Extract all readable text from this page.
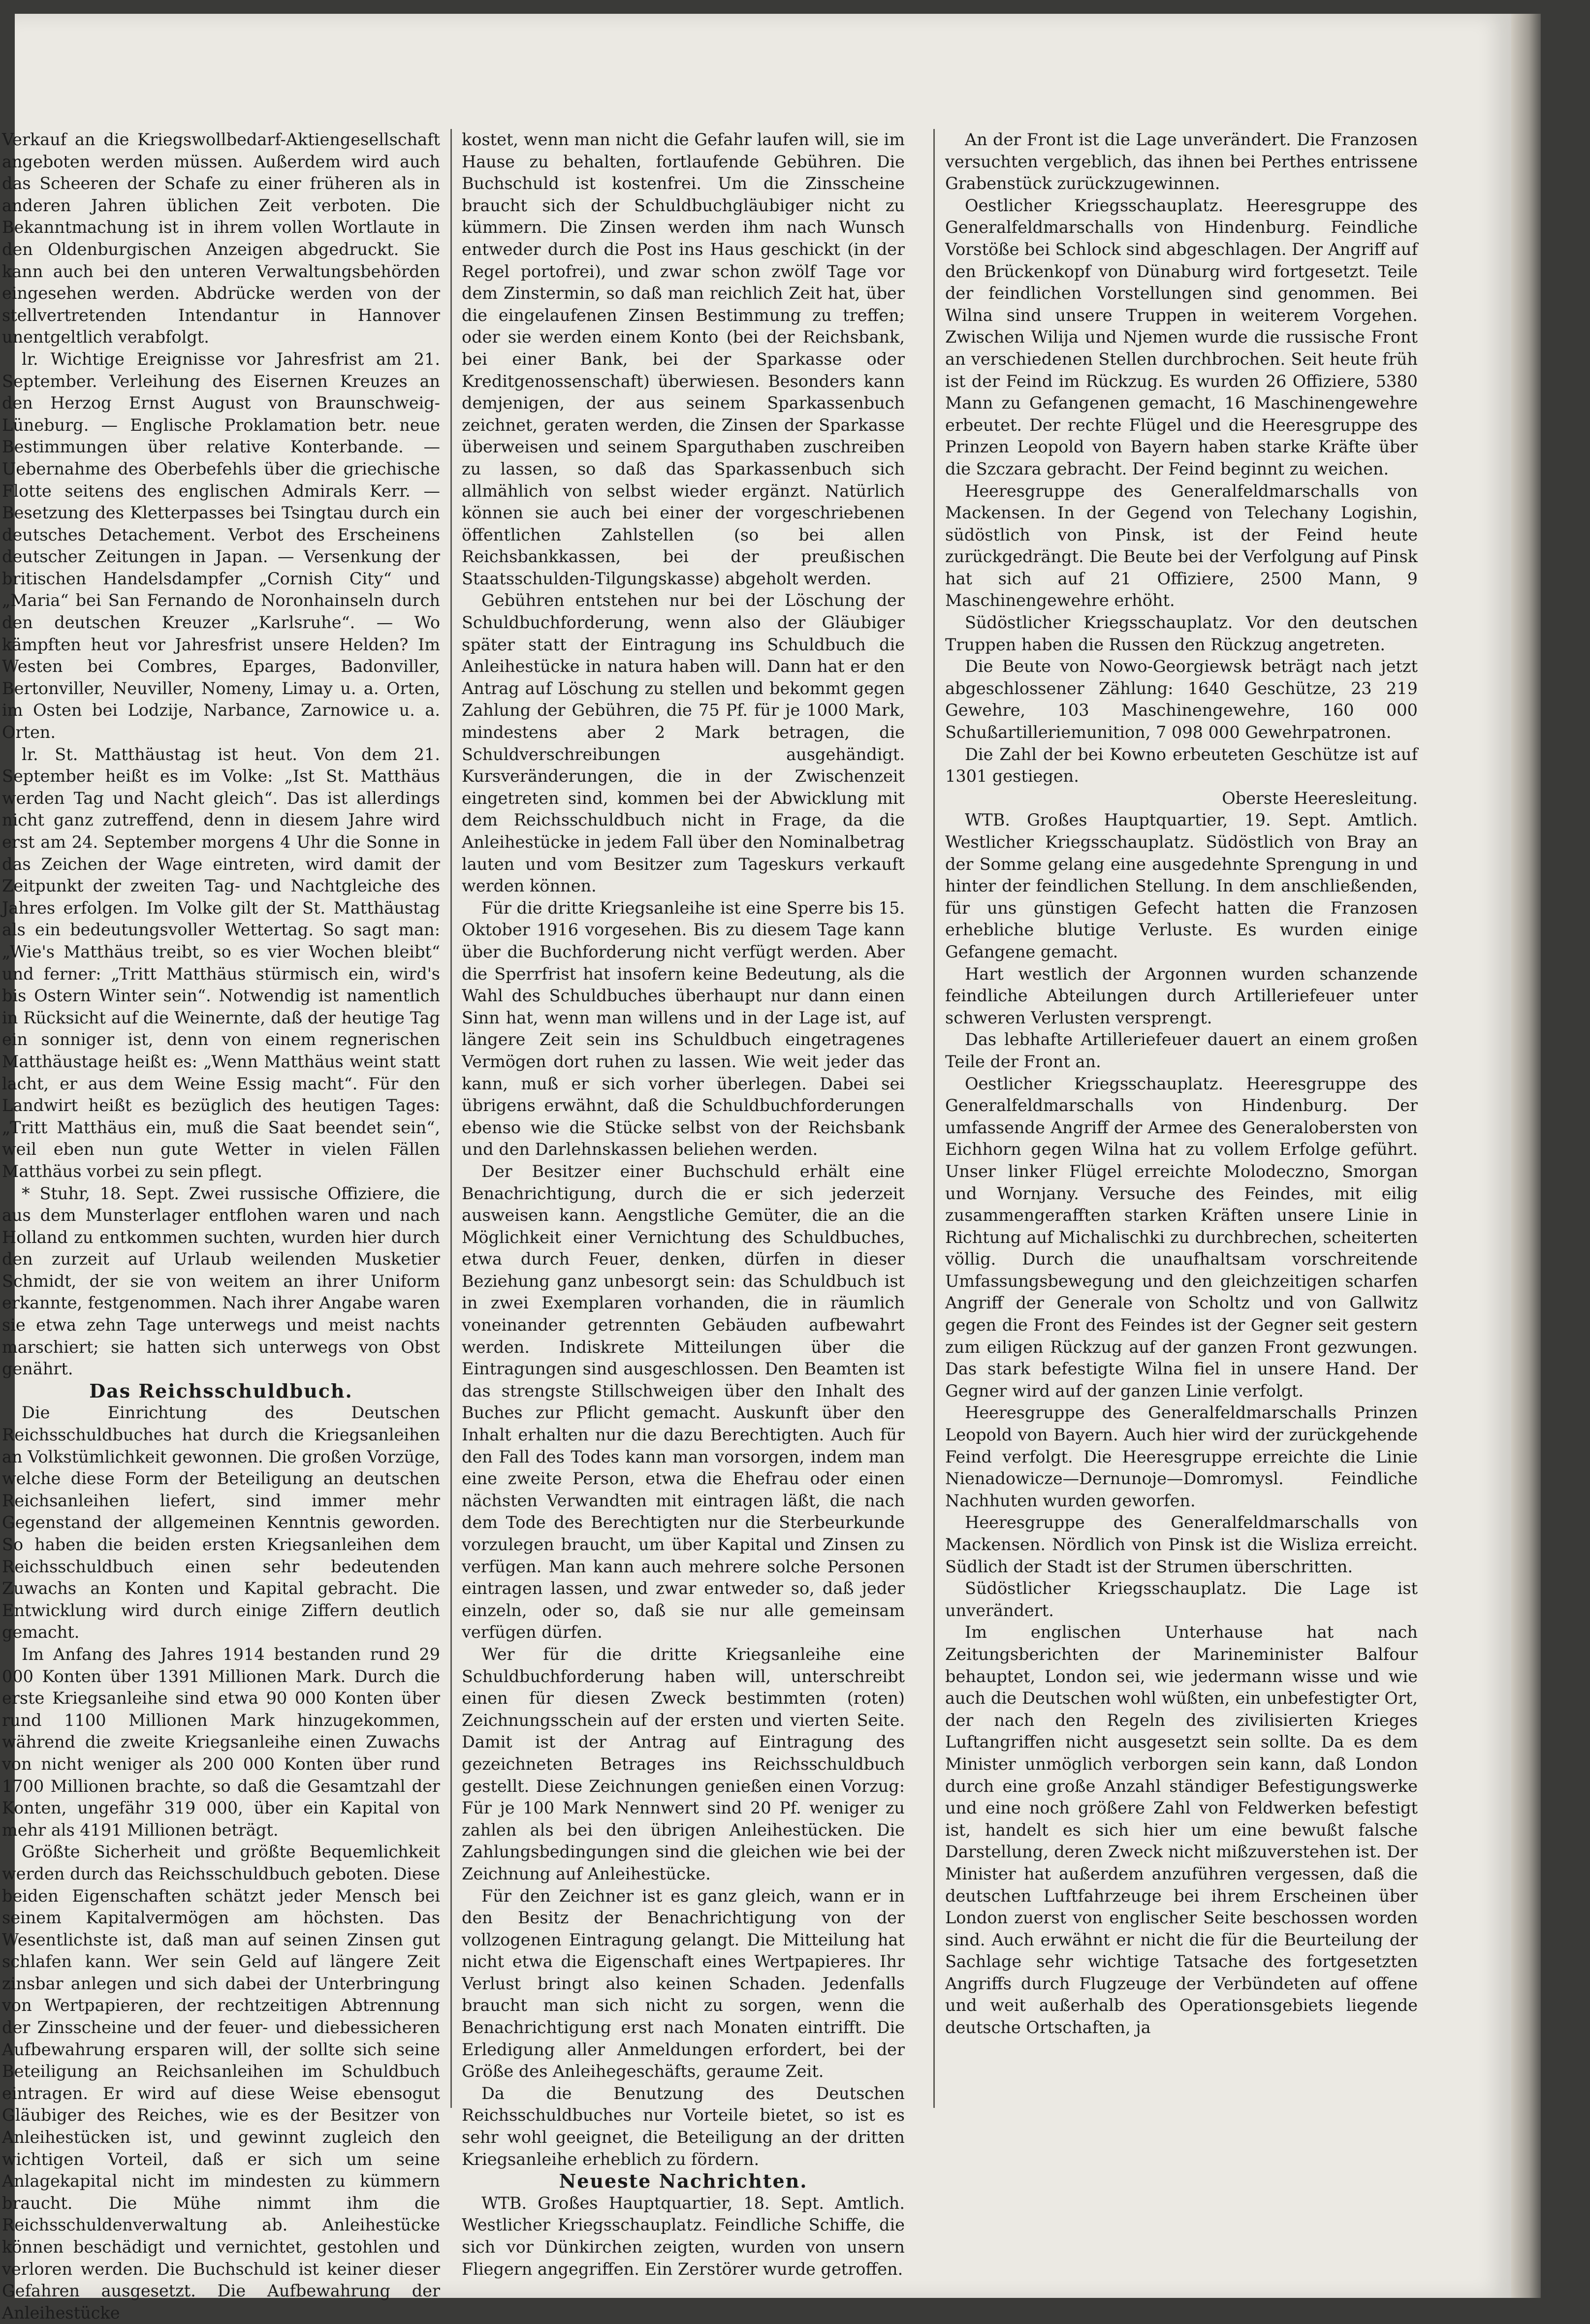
Verkauf an die Kriegswollbedarf-Aktiengesellschaft angeboten werden müssen. Außerdem wird auch das Scheeren der Schafe zu einer früheren als in anderen Jahren üblichen Zeit verboten. Die Bekanntmachung ist in ihrem vollen Wortlaute in den Oldenburgischen Anzeigen abgedruckt. Sie kann auch bei den unteren Verwaltungsbehörden eingesehen werden. Abdrücke werden von der stellvertretenden Intendantur in Hannover unentgeltlich verabfolgt.

lr. Wichtige Ereignisse vor Jahresfrist am 21. September. Verleihung des Eisernen Kreuzes an den Herzog Ernst August von Braunschweig-Lüneburg. — Englische Proklamation betr. neue Bestimmungen über relative Konterbande. — Uebernahme des Oberbefehls über die griechische Flotte seitens des englischen Admirals Kerr. — Besetzung des Kletterpasses bei Tsingtau durch ein deutsches Detachement. Verbot des Erscheinens deutscher Zeitungen in Japan. — Versenkung der britischen Handelsdampfer „Cornish City“ und „Maria“ bei San Fernando de Noronhainseln durch den deutschen Kreuzer „Karlsruhe“. — Wo kämpften heut vor Jahresfrist unsere Helden? Im Westen bei Combres, Eparges, Badonviller, Bertonviller, Neuviller, Nomeny, Limay u. a. Orten, im Osten bei Lodzije, Narbance, Zarnowice u. a. Orten.

lr. St. Matthäustag ist heut. Von dem 21. September heißt es im Volke: „Ist St. Matthäus werden Tag und Nacht gleich“. Das ist allerdings nicht ganz zutreffend, denn in diesem Jahre wird erst am 24. September morgens 4 Uhr die Sonne in das Zeichen der Wage eintreten, wird damit der Zeitpunkt der zweiten Tag- und Nachtgleiche des Jahres erfolgen. Im Volke gilt der St. Matthäustag als ein bedeutungsvoller Wettertag. So sagt man: „Wie's Matthäus treibt, so es vier Wochen bleibt“ und ferner: „Tritt Matthäus stürmisch ein, wird's bis Ostern Winter sein“. Notwendig ist namentlich in Rücksicht auf die Weinernte, daß der heutige Tag ein sonniger ist, denn von einem regnerischen Matthäustage heißt es: „Wenn Matthäus weint statt lacht, er aus dem Weine Essig macht“. Für den Landwirt heißt es bezüglich des heutigen Tages: „Tritt Matthäus ein, muß die Saat beendet sein“, weil eben nun gute Wetter in vielen Fällen Matthäus vorbei zu sein pflegt.

* Stuhr, 18. Sept. Zwei russische Offiziere, die aus dem Munsterlager entflohen waren und nach Holland zu entkommen suchten, wurden hier durch den zurzeit auf Urlaub weilenden Musketier Schmidt, der sie von weitem an ihrer Uniform erkannte, festgenommen. Nach ihrer Angabe waren sie etwa zehn Tage unterwegs und meist nachts marschiert; sie hatten sich unterwegs von Obst genährt.

Das Reichsschuldbuch.

Die Einrichtung des Deutschen Reichsschuldbuches hat durch die Kriegsanleihen an Volkstümlichkeit gewonnen. Die großen Vorzüge, welche diese Form der Beteiligung an deutschen Reichsanleihen liefert, sind immer mehr Gegenstand der allgemeinen Kenntnis geworden. So haben die beiden ersten Kriegsanleihen dem Reichsschuldbuch einen sehr bedeutenden Zuwachs an Konten und Kapital gebracht. Die Entwicklung wird durch einige Ziffern deutlich gemacht.

Im Anfang des Jahres 1914 bestanden rund 29 000 Konten über 1391 Millionen Mark. Durch die erste Kriegsanleihe sind etwa 90 000 Konten über rund 1100 Millionen Mark hinzugekommen, während die zweite Kriegsanleihe einen Zuwachs von nicht weniger als 200 000 Konten über rund 1700 Millionen brachte, so daß die Gesamtzahl der Konten, ungefähr 319 000, über ein Kapital von mehr als 4191 Millionen beträgt.

Größte Sicherheit und größte Bequemlichkeit werden durch das Reichsschuldbuch geboten. Diese beiden Eigenschaften schätzt jeder Mensch bei seinem Kapitalvermögen am höchsten. Das Wesentlichste ist, daß man auf seinen Zinsen gut schlafen kann. Wer sein Geld auf längere Zeit zinsbar anlegen und sich dabei der Unterbringung von Wertpapieren, der rechtzeitigen Abtrennung der Zinsscheine und der feuer- und diebessicheren Aufbewahrung ersparen will, der sollte sich seine Beteiligung an Reichsanleihen im Schuldbuch eintragen. Er wird auf diese Weise ebensogut Gläubiger des Reiches, wie es der Besitzer von Anleihestücken ist, und gewinnt zugleich den wichtigen Vorteil, daß er sich um seine Anlagekapital nicht im mindesten zu kümmern braucht. Die Mühe nimmt ihm die Reichsschuldenverwaltung ab. Anleihestücke können beschädigt und vernichtet, gestohlen und verloren werden. Die Buchschuld ist keiner dieser Gefahren ausgesetzt. Die Aufbewahrung der Anleihestücke

kostet, wenn man nicht die Gefahr laufen will, sie im Hause zu behalten, fortlaufende Gebühren. Die Buchschuld ist kostenfrei. Um die Zinsscheine braucht sich der Schuldbuchgläubiger nicht zu kümmern. Die Zinsen werden ihm nach Wunsch entweder durch die Post ins Haus geschickt (in der Regel portofrei), und zwar schon zwölf Tage vor dem Zinstermin, so daß man reichlich Zeit hat, über die eingelaufenen Zinsen Bestimmung zu treffen; oder sie werden einem Konto (bei der Reichsbank, bei einer Bank, bei der Sparkasse oder Kreditgenossenschaft) überwiesen. Besonders kann demjenigen, der aus seinem Sparkassenbuch zeichnet, geraten werden, die Zinsen der Sparkasse überweisen und seinem Sparguthaben zuschreiben zu lassen, so daß das Sparkassenbuch sich allmählich von selbst wieder ergänzt. Natürlich können sie auch bei einer der vorgeschriebenen öffentlichen Zahlstellen (so bei allen Reichsbankkassen, bei der preußischen Staatsschulden-Tilgungskasse) abgeholt werden.

Gebühren entstehen nur bei der Löschung der Schuldbuchforderung, wenn also der Gläubiger später statt der Eintragung ins Schuldbuch die Anleihestücke in natura haben will. Dann hat er den Antrag auf Löschung zu stellen und bekommt gegen Zahlung der Gebühren, die 75 Pf. für je 1000 Mark, mindestens aber 2 Mark betragen, die Schuldverschreibungen ausgehändigt. Kursveränderungen, die in der Zwischenzeit eingetreten sind, kommen bei der Abwicklung mit dem Reichsschuldbuch nicht in Frage, da die Anleihestücke in jedem Fall über den Nominalbetrag lauten und vom Besitzer zum Tageskurs verkauft werden können.

Für die dritte Kriegsanleihe ist eine Sperre bis 15. Oktober 1916 vorgesehen. Bis zu diesem Tage kann über die Buchforderung nicht verfügt werden. Aber die Sperrfrist hat insofern keine Bedeutung, als die Wahl des Schuldbuches überhaupt nur dann einen Sinn hat, wenn man willens und in der Lage ist, auf längere Zeit sein ins Schuldbuch eingetragenes Vermögen dort ruhen zu lassen. Wie weit jeder das kann, muß er sich vorher überlegen. Dabei sei übrigens erwähnt, daß die Schuldbuchforderungen ebenso wie die Stücke selbst von der Reichsbank und den Darlehnskassen beliehen werden.

Der Besitzer einer Buchschuld erhält eine Benachrichtigung, durch die er sich jederzeit ausweisen kann. Aengstliche Gemüter, die an die Möglichkeit einer Vernichtung des Schuldbuches, etwa durch Feuer, denken, dürfen in dieser Beziehung ganz unbesorgt sein: das Schuldbuch ist in zwei Exemplaren vorhanden, die in räumlich voneinander getrennten Gebäuden aufbewahrt werden. Indiskrete Mitteilungen über die Eintragungen sind ausgeschlossen. Den Beamten ist das strengste Stillschweigen über den Inhalt des Buches zur Pflicht gemacht. Auskunft über den Inhalt erhalten nur die dazu Berechtigten. Auch für den Fall des Todes kann man vorsorgen, indem man eine zweite Person, etwa die Ehefrau oder einen nächsten Verwandten mit eintragen läßt, die nach dem Tode des Berechtigten nur die Sterbeurkunde vorzulegen braucht, um über Kapital und Zinsen zu verfügen. Man kann auch mehrere solche Personen eintragen lassen, und zwar entweder so, daß jeder einzeln, oder so, daß sie nur alle gemeinsam verfügen dürfen.

Wer für die dritte Kriegsanleihe eine Schuldbuchforderung haben will, unterschreibt einen für diesen Zweck bestimmten (roten) Zeichnungsschein auf der ersten und vierten Seite. Damit ist der Antrag auf Eintragung des gezeichneten Betrages ins Reichsschuldbuch gestellt. Diese Zeichnungen genießen einen Vorzug: Für je 100 Mark Nennwert sind 20 Pf. weniger zu zahlen als bei den übrigen Anleihestücken. Die Zahlungsbedingungen sind die gleichen wie bei der Zeichnung auf Anleihestücke.

Für den Zeichner ist es ganz gleich, wann er in den Besitz der Benachrichtigung von der vollzogenen Eintragung gelangt. Die Mitteilung hat nicht etwa die Eigenschaft eines Wertpapieres. Ihr Verlust bringt also keinen Schaden. Jedenfalls braucht man sich nicht zu sorgen, wenn die Benachrichtigung erst nach Monaten eintrifft. Die Erledigung aller Anmeldungen erfordert, bei der Größe des Anleihegeschäfts, geraume Zeit.

Da die Benutzung des Deutschen Reichsschuldbuches nur Vorteile bietet, so ist es sehr wohl geeignet, die Beteiligung an der dritten Kriegsanleihe erheblich zu fördern.

Neueste Nachrichten.

WTB. Großes Hauptquartier, 18. Sept. Amtlich. Westlicher Kriegsschauplatz. Feindliche Schiffe, die sich vor Dünkirchen zeigten, wurden von unsern Fliegern angegriffen. Ein Zerstörer wurde getroffen.

An der Front ist die Lage unverändert. Die Franzosen versuchten vergeblich, das ihnen bei Perthes entrissene Grabenstück zurückzugewinnen.

Oestlicher Kriegsschauplatz. Heeresgruppe des Generalfeldmarschalls von Hindenburg. Feindliche Vorstöße bei Schlock sind abgeschlagen. Der Angriff auf den Brückenkopf von Dünaburg wird fortgesetzt. Teile der feindlichen Vorstellungen sind genommen. Bei Wilna sind unsere Truppen in weiterem Vorgehen. Zwischen Wilija und Njemen wurde die russische Front an verschiedenen Stellen durchbrochen. Seit heute früh ist der Feind im Rückzug. Es wurden 26 Offiziere, 5380 Mann zu Gefangenen gemacht, 16 Maschinengewehre erbeutet. Der rechte Flügel und die Heeresgruppe des Prinzen Leopold von Bayern haben starke Kräfte über die Szczara gebracht. Der Feind beginnt zu weichen.

Heeresgruppe des Generalfeldmarschalls von Mackensen. In der Gegend von Telechany Logishin, südöstlich von Pinsk, ist der Feind heute zurückgedrängt. Die Beute bei der Verfolgung auf Pinsk hat sich auf 21 Offiziere, 2500 Mann, 9 Maschinengewehre erhöht.

Südöstlicher Kriegsschauplatz. Vor den deutschen Truppen haben die Russen den Rückzug angetreten.

Die Beute von Nowo-Georgiewsk beträgt nach jetzt abgeschlossener Zählung: 1640 Geschütze, 23 219 Gewehre, 103 Maschinengewehre, 160 000 Schußartilleriemunition, 7 098 000 Gewehrpatronen.

Die Zahl der bei Kowno erbeuteten Geschütze ist auf 1301 gestiegen.

Oberste Heeresleitung.

WTB. Großes Hauptquartier, 19. Sept. Amtlich. Westlicher Kriegsschauplatz. Südöstlich von Bray an der Somme gelang eine ausgedehnte Sprengung in und hinter der feindlichen Stellung. In dem anschließenden, für uns günstigen Gefecht hatten die Franzosen erhebliche blutige Verluste. Es wurden einige Gefangene gemacht.

Hart westlich der Argonnen wurden schanzende feindliche Abteilungen durch Artilleriefeuer unter schweren Verlusten versprengt.

Das lebhafte Artilleriefeuer dauert an einem großen Teile der Front an.

Oestlicher Kriegsschauplatz. Heeresgruppe des Generalfeldmarschalls von Hindenburg. Der umfassende Angriff der Armee des Generalobersten von Eichhorn gegen Wilna hat zu vollem Erfolge geführt. Unser linker Flügel erreichte Molodeczno, Smorgan und Wornjany. Versuche des Feindes, mit eilig zusammengerafften starken Kräften unsere Linie in Richtung auf Michalischki zu durchbrechen, scheiterten völlig. Durch die unaufhaltsam vorschreitende Umfassungsbewegung und den gleichzeitigen scharfen Angriff der Generale von Scholtz und von Gallwitz gegen die Front des Feindes ist der Gegner seit gestern zum eiligen Rückzug auf der ganzen Front gezwungen. Das stark befestigte Wilna fiel in unsere Hand. Der Gegner wird auf der ganzen Linie verfolgt.

Heeresgruppe des Generalfeldmarschalls Prinzen Leopold von Bayern. Auch hier wird der zurückgehende Feind verfolgt. Die Heeresgruppe erreichte die Linie Nienadowicze—Dernunoje—Domromysl. Feindliche Nachhuten wurden geworfen.

Heeresgruppe des Generalfeldmarschalls von Mackensen. Nördlich von Pinsk ist die Wisliza erreicht. Südlich der Stadt ist der Strumen überschritten.

Südöstlicher Kriegsschauplatz. Die Lage ist unverändert.

Im englischen Unterhause hat nach Zeitungsberichten der Marineminister Balfour behauptet, London sei, wie jedermann wisse und wie auch die Deutschen wohl wüßten, ein unbefestigter Ort, der nach den Regeln des zivilisierten Krieges Luftangriffen nicht ausgesetzt sein sollte. Da es dem Minister unmöglich verborgen sein kann, daß London durch eine große Anzahl ständiger Befestigungswerke und eine noch größere Zahl von Feldwerken befestigt ist, handelt es sich hier um eine bewußt falsche Darstellung, deren Zweck nicht mißzuverstehen ist. Der Minister hat außerdem anzuführen vergessen, daß die deutschen Luftfahrzeuge bei ihrem Erscheinen über London zuerst von englischer Seite beschossen worden sind. Auch erwähnt er nicht die für die Beurteilung der Sachlage sehr wichtige Tatsache des fortgesetzten Angriffs durch Flugzeuge der Verbündeten auf offene und weit außerhalb des Operationsgebiets liegende deutsche Ortschaften, ja
